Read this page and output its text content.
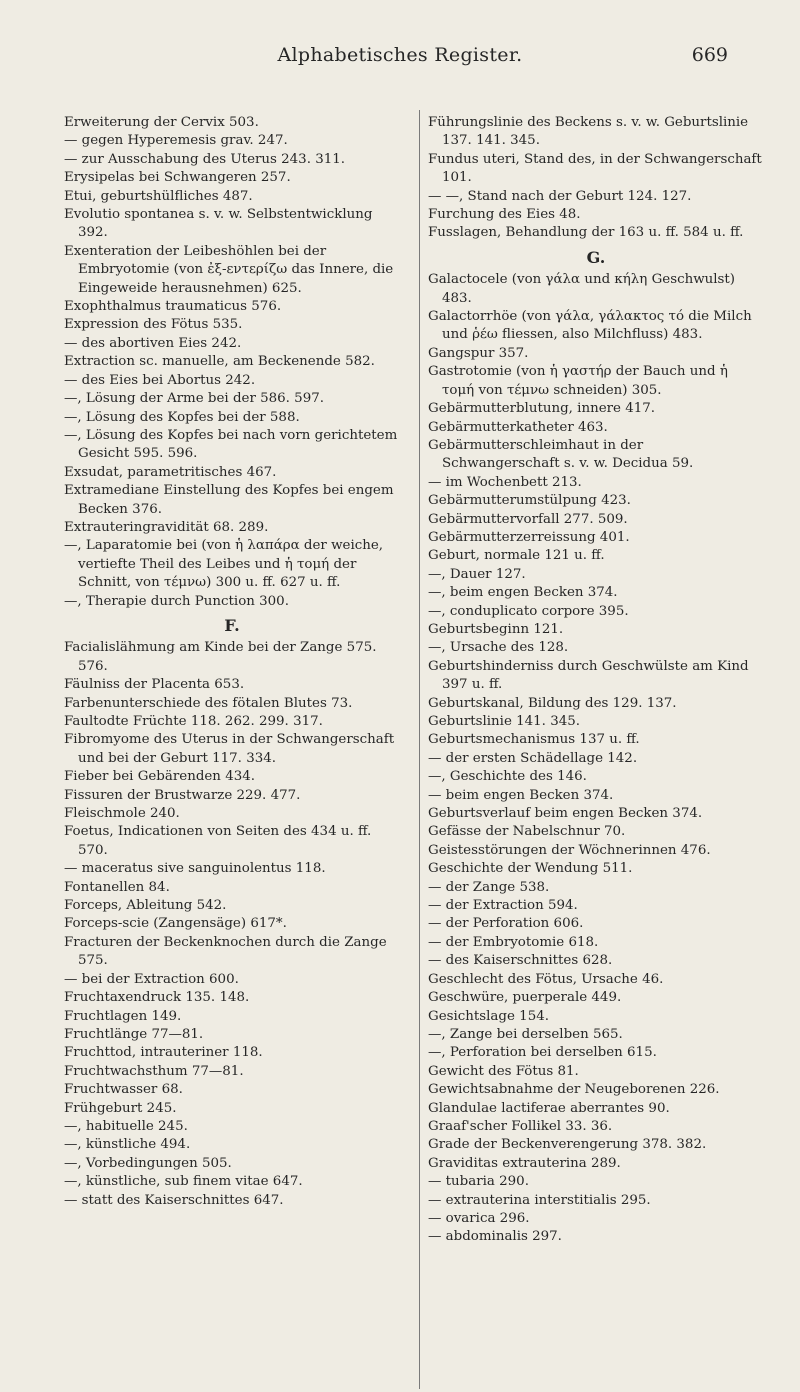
Alphabetisches Register.	669

Erweiterung der Cervix 503.

— gegen Hyperemesis grav. 247.

— zur Ausschabung des Uterus 243. 311.

Erysipelas bei Schwangeren 257.

Etui, geburtshülfliches 487.

Evolutio spontanea s. v. w. Selbstentwicklung 392.

Exenteration der Leibeshöhlen bei der Embryotomie (von ἐξ-εντερίζω das Innere, die Eingeweide herausnehmen) 625.

Exophthalmus traumaticus 576.

Expression des Fötus 535.

— des abortiven Eies 242.

Extraction sc. manuelle, am Beckenende 582.

— des Eies bei Abortus 242.

—, Lösung der Arme bei der 586. 597.

—, Lösung des Kopfes bei der 588.

—, Lösung des Kopfes bei nach vorn gerichtetem Gesicht 595. 596.

Exsudat, parametritisches 467.

Extramediane Einstellung des Kopfes bei engem Becken 376.

Extrauteringravidität 68. 289.

—, Laparatomie bei (von ἡ λαπάρα der weiche, vertiefte Theil des Leibes und ἡ τομή der Schnitt, von τέμνω) 300 u. ff. 627 u. ff.

—, Therapie durch Punction 300.

F.

Facialislähmung am Kinde bei der Zange 575. 576.

Fäulniss der Placenta 653.

Farbenunterschiede des fötalen Blutes 73.

Faultodte Früchte 118. 262. 299. 317.

Fibromyome des Uterus in der Schwangerschaft und bei der Geburt 117. 334.

Fieber bei Gebärenden 434.

Fissuren der Brustwarze 229. 477.

Fleischmole 240.

Foetus, Indicationen von Seiten des 434 u. ff. 570.

— maceratus sive sanguinolentus 118.

Fontanellen 84.

Forceps, Ableitung 542.

Forceps-scie (Zangensäge) 617*.

Fracturen der Beckenknochen durch die Zange 575.

— bei der Extraction 600.

Fruchtaxendruck 135. 148.

Fruchtlagen 149.

Fruchtlänge 77—81.

Fruchttod, intrauteriner 118.

Fruchtwachsthum 77—81.

Fruchtwasser 68.

Frühgeburt 245.

—, habituelle 245.

—, künstliche 494.

—, Vorbedingungen 505.

—, künstliche, sub finem vitae 647.

— statt des Kaiserschnittes 647.

Führungslinie des Beckens s. v. w. Geburtslinie 137. 141. 345.

Fundus uteri, Stand des, in der Schwangerschaft 101.

— —, Stand nach der Geburt 124. 127.

Furchung des Eies 48.

Fusslagen, Behandlung der 163 u. ff. 584 u. ff.

G.

Galactocele (von γάλα und κήλη Geschwulst) 483.

Galactorrhöe (von γάλα, γάλακτος τό die Milch und ῥέω fliessen, also Milchfluss) 483.

Gangspur 357.

Gastrotomie (von ἡ γαστήρ der Bauch und ἡ τομή von τέμνω schneiden) 305.

Gebärmutterblutung, innere 417.

Gebärmutterkatheter 463.

Gebärmutterschleimhaut in der Schwangerschaft s. v. w. Decidua 59.

— im Wochenbett 213.

Gebärmutterumstülpung 423.

Gebärmuttervorfall 277. 509.

Gebärmutterzerreissung 401.

Geburt, normale 121 u. ff.

—, Dauer 127.

—, beim engen Becken 374.

—, conduplicato corpore 395.

Geburtsbeginn 121.

—, Ursache des 128.

Geburtshinderniss durch Geschwülste am Kind 397 u. ff.

Geburtskanal, Bildung des 129. 137.

Geburtslinie 141. 345.

Geburtsmechanismus 137 u. ff.

— der ersten Schädellage 142.

—, Geschichte des 146.

— beim engen Becken 374.

Geburtsverlauf beim engen Becken 374.

Gefässe der Nabelschnur 70.

Geistesstörungen der Wöchnerinnen 476.

Geschichte der Wendung 511.

— der Zange 538.

— der Extraction 594.

— der Perforation 606.

— der Embryotomie 618.

— des Kaiserschnittes 628.

Geschlecht des Fötus, Ursache 46.

Geschwüre, puerperale 449.

Gesichtslage 154.

—, Zange bei derselben 565.

—, Perforation bei derselben 615.

Gewicht des Fötus 81.

Gewichtsabnahme der Neugeborenen 226.

Glandulae lactiferae aberrantes 90.

Graaf'scher Follikel 33. 36.

Grade der Beckenverengerung 378. 382.

Graviditas extrauterina 289.

— tubaria 290.

— extrauterina interstitialis 295.

— ovarica 296.

— abdominalis 297.
